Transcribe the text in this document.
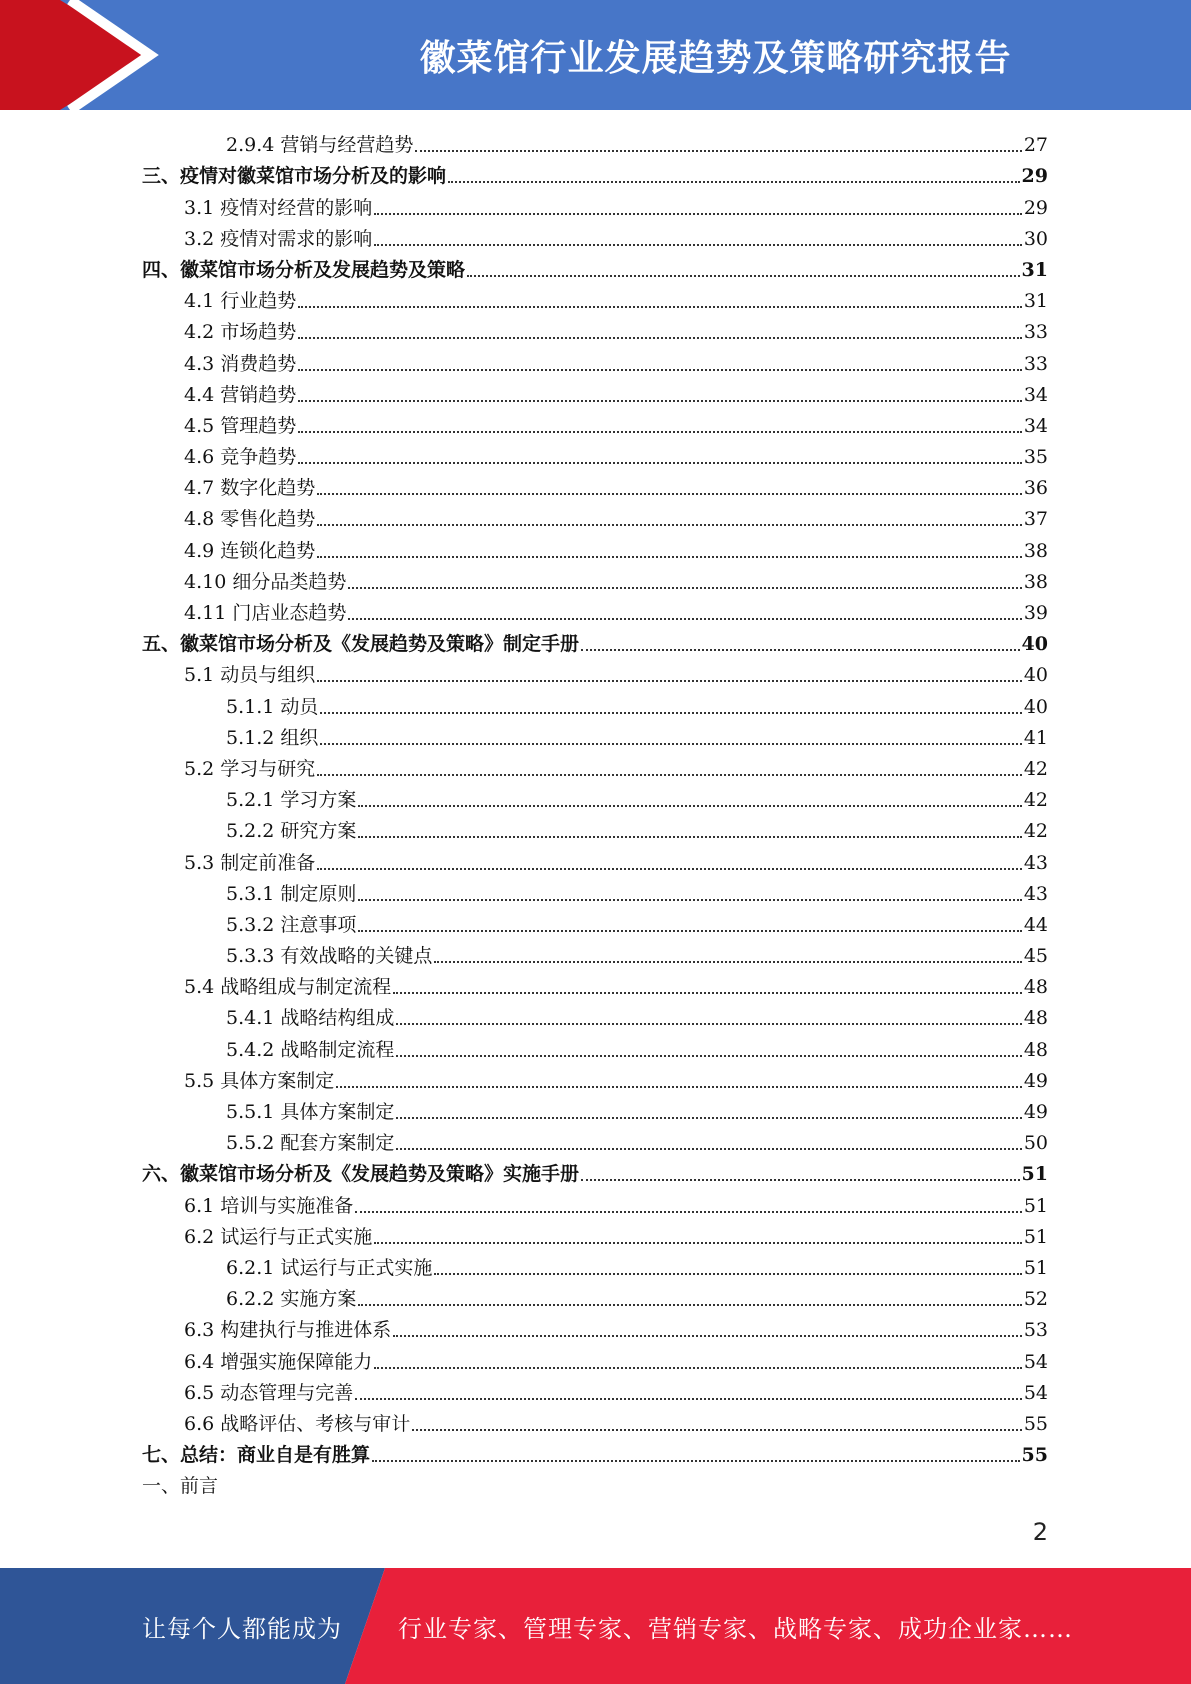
徽菜馆行业发展趋势及策略研究报告
2.9.4 营销与经营趋势	27
三、疫情对徽菜馆市场分析及的影响	29
3.1 疫情对经营的影响	29
3.2 疫情对需求的影响	30
四、徽菜馆市场分析及发展趋势及策略	31
4.1 行业趋势	31
4.2 市场趋势	33
4.3 消费趋势	33
4.4 营销趋势	34
4.5 管理趋势	34
4.6 竞争趋势	35
4.7 数字化趋势	36
4.8 零售化趋势	37
4.9 连锁化趋势	38
4.10 细分品类趋势	38
4.11 门店业态趋势	39
五、徽菜馆市场分析及《发展趋势及策略》制定手册	40
5.1 动员与组织	40
5.1.1 动员	40
5.1.2 组织	41
5.2 学习与研究	42
5.2.1 学习方案	42
5.2.2 研究方案	42
5.3 制定前准备	43
5.3.1 制定原则	43
5.3.2 注意事项	44
5.3.3 有效战略的关键点	45
5.4 战略组成与制定流程	48
5.4.1 战略结构组成	48
5.4.2 战略制定流程	48
5.5 具体方案制定	49
5.5.1 具体方案制定	49
5.5.2 配套方案制定	50
六、徽菜馆市场分析及《发展趋势及策略》实施手册	51
6.1 培训与实施准备	51
6.2 试运行与正式实施	51
6.2.1 试运行与正式实施	51
6.2.2 实施方案	52
6.3 构建执行与推进体系	53
6.4 增强实施保障能力	54
6.5 动态管理与完善	54
6.6 战略评估、考核与审计	55
七、总结：商业自是有胜算	55
一、前言
2
让每个人都能成为 行业专家、管理专家、营销专家、战略专家、成功企业家……
